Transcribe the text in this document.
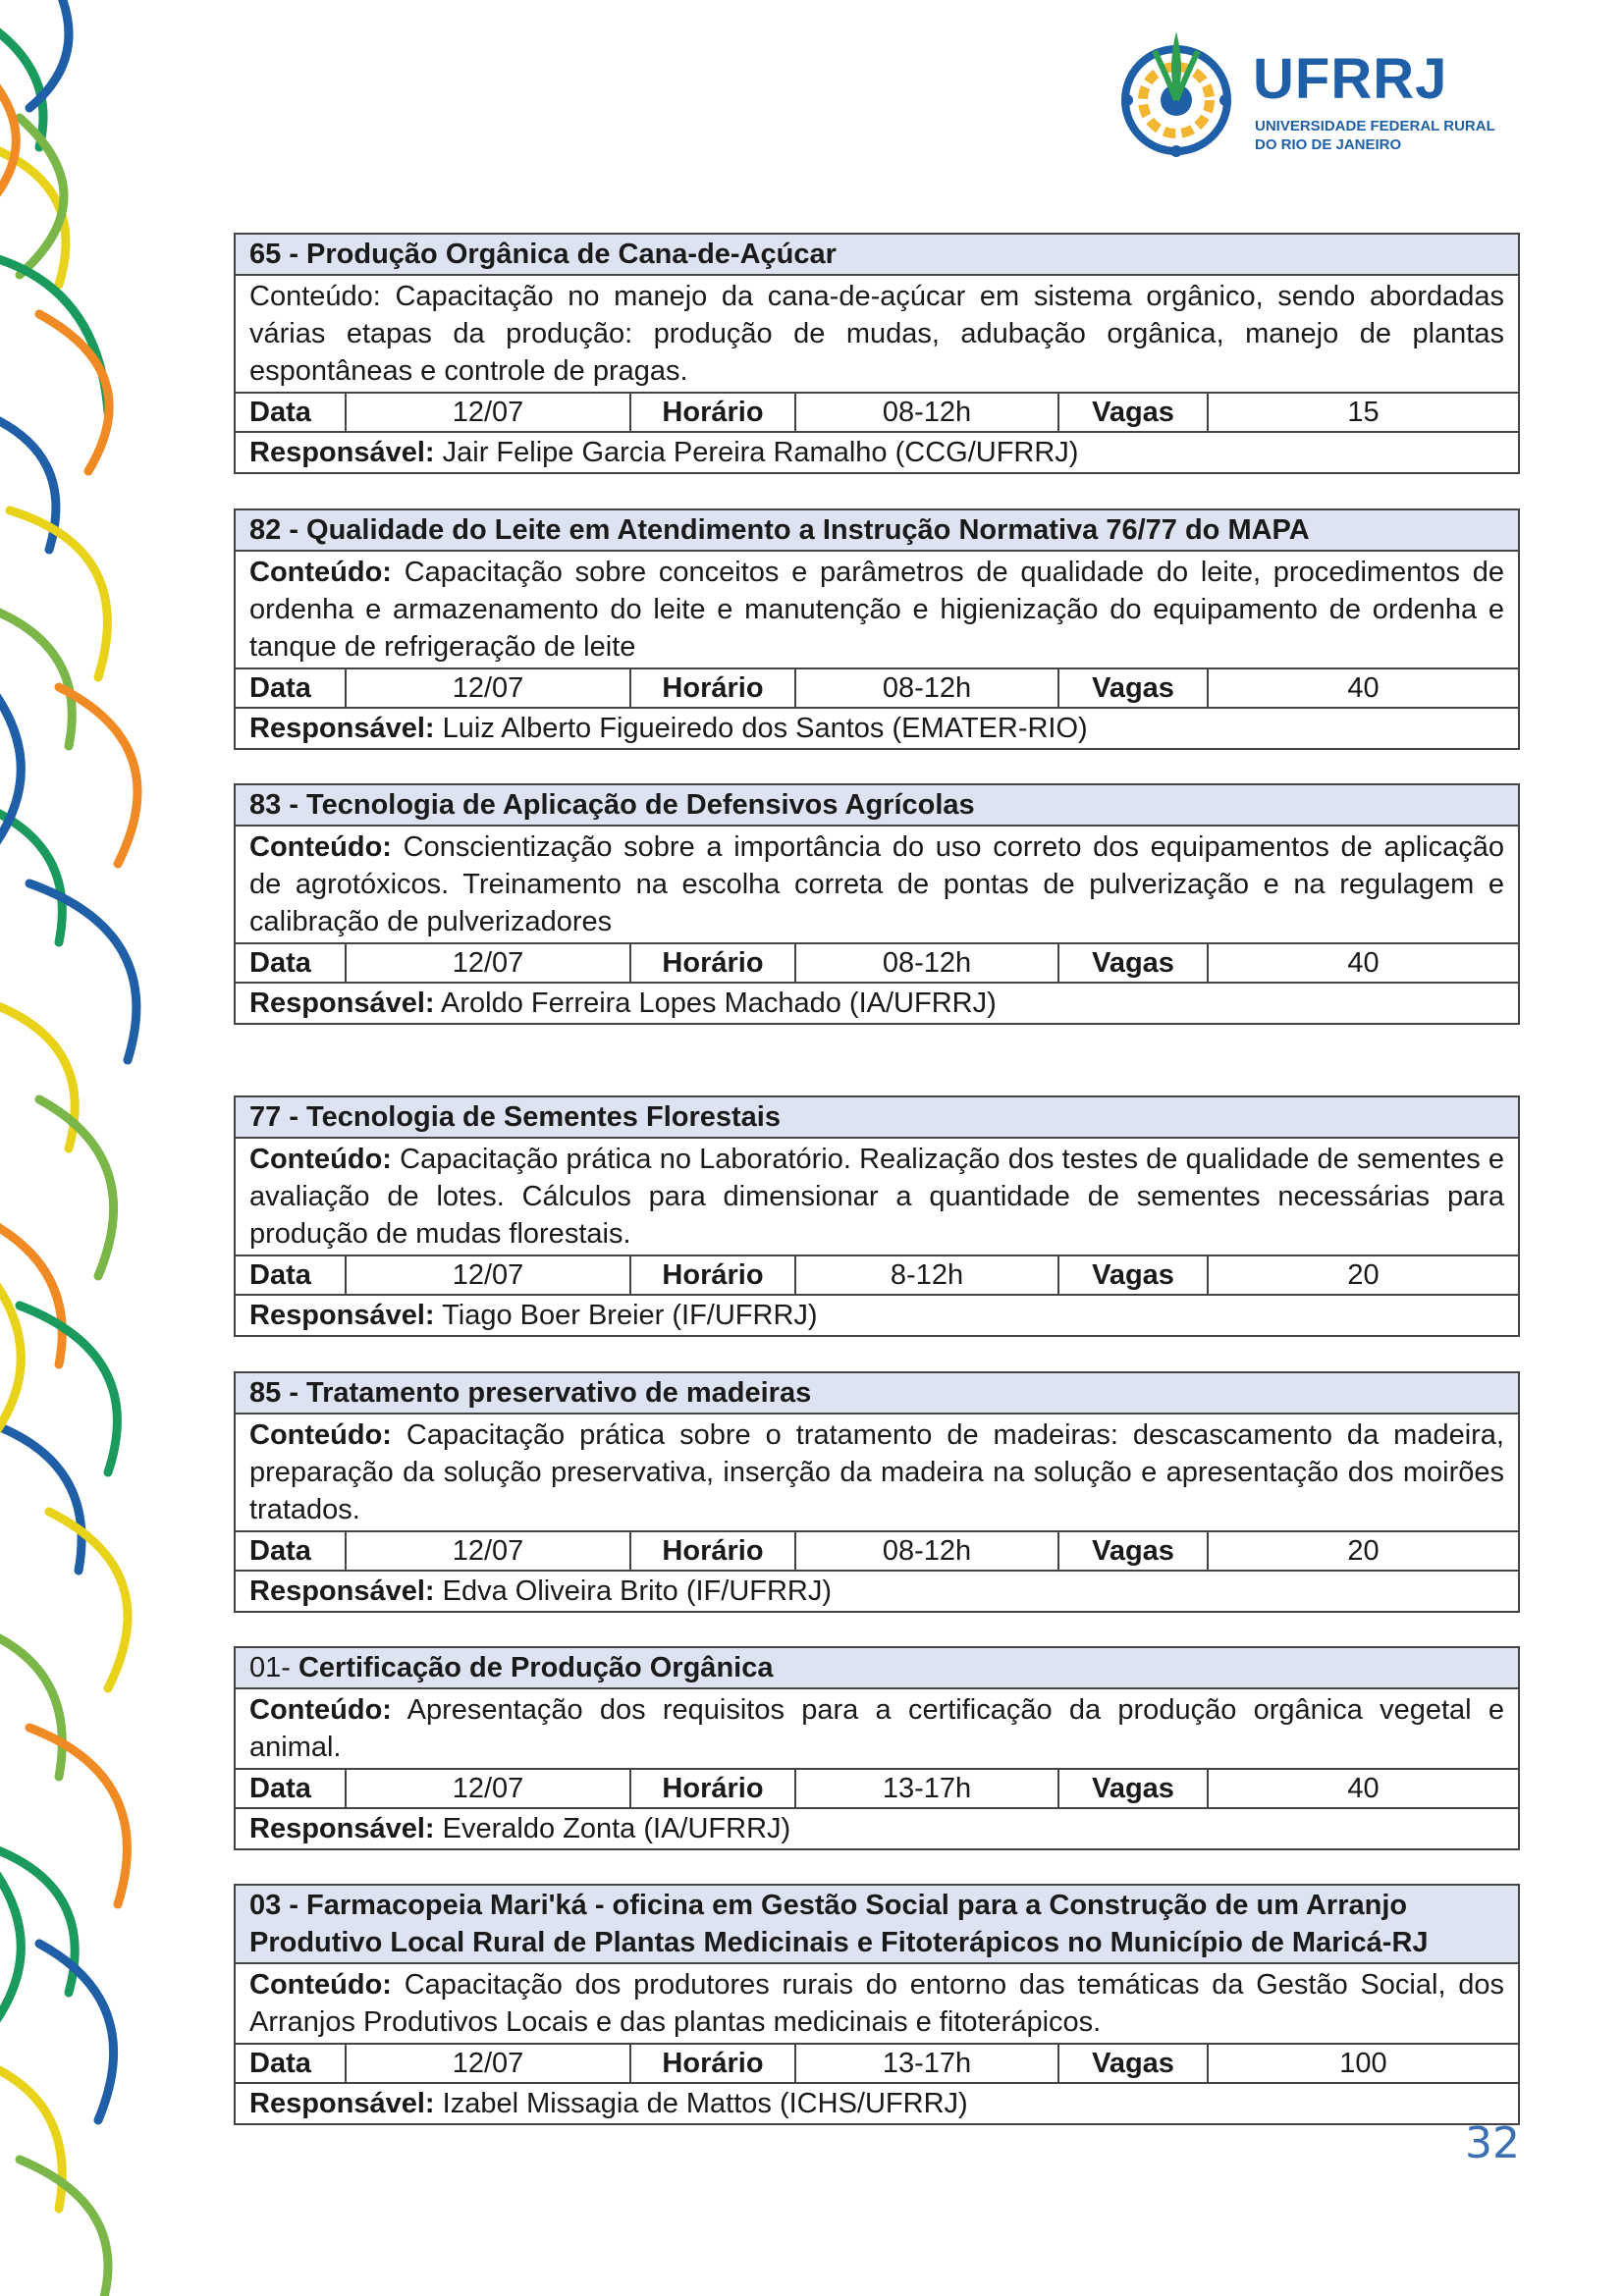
UFRRJ
UNIVERSIDADE FEDERAL RURAL
DO RIO DE JANEIRO
65 - Produção Orgânica de Cana-de-Açúcar
Conteúdo: Capacitação no manejo da cana-de-açúcar em sistema orgânico, sendo abordadas várias etapas da produção: produção de mudas, adubação orgânica, manejo de plantas espontâneas e controle de pragas.
Data	12/07	Horário	08-12h	Vagas	15
Responsável: Jair Felipe Garcia Pereira Ramalho (CCG/UFRRJ)
82 - Qualidade do Leite em Atendimento a Instrução Normativa 76/77 do MAPA
Conteúdo: Capacitação sobre conceitos e parâmetros de qualidade do leite, procedimentos de ordenha e armazenamento do leite e manutenção e higienização do equipamento de ordenha e tanque de refrigeração de leite
Data	12/07	Horário	08-12h	Vagas	40
Responsável: Luiz Alberto Figueiredo dos Santos (EMATER-RIO)
83 - Tecnologia de Aplicação de Defensivos Agrícolas
Conteúdo: Conscientização sobre a importância do uso correto dos equipamentos de aplicação de agrotóxicos. Treinamento na escolha correta de pontas de pulverização e na regulagem e calibração de pulverizadores
Data	12/07	Horário	08-12h	Vagas	40
Responsável: Aroldo Ferreira Lopes Machado (IA/UFRRJ)
77 - Tecnologia de Sementes Florestais
Conteúdo: Capacitação prática no Laboratório. Realização dos testes de qualidade de sementes e avaliação de lotes. Cálculos para dimensionar a quantidade de sementes necessárias para produção de mudas florestais.
Data	12/07	Horário	8-12h	Vagas	20
Responsável: Tiago Boer Breier (IF/UFRRJ)
85 - Tratamento preservativo de madeiras
Conteúdo: Capacitação prática sobre o tratamento de madeiras: descascamento da madeira, preparação da solução preservativa, inserção da madeira na solução e apresentação dos moirões tratados.
Data	12/07	Horário	08-12h	Vagas	20
Responsável: Edva Oliveira Brito (IF/UFRRJ)
01- Certificação de Produção Orgânica
Conteúdo: Apresentação dos requisitos para a certificação da produção orgânica vegetal e animal.
Data	12/07	Horário	13-17h	Vagas	40
Responsável: Everaldo Zonta (IA/UFRRJ)
03 - Farmacopeia Mari'ká - oficina em Gestão Social para a Construção de um Arranjo Produtivo Local Rural de Plantas Medicinais e Fitoterápicos no Município de Maricá-RJ
Conteúdo: Capacitação dos produtores rurais do entorno das temáticas da Gestão Social, dos Arranjos Produtivos Locais e das plantas medicinais e fitoterápicos.
Data	12/07	Horário	13-17h	Vagas	100
Responsável: Izabel Missagia de Mattos (ICHS/UFRRJ)
32
